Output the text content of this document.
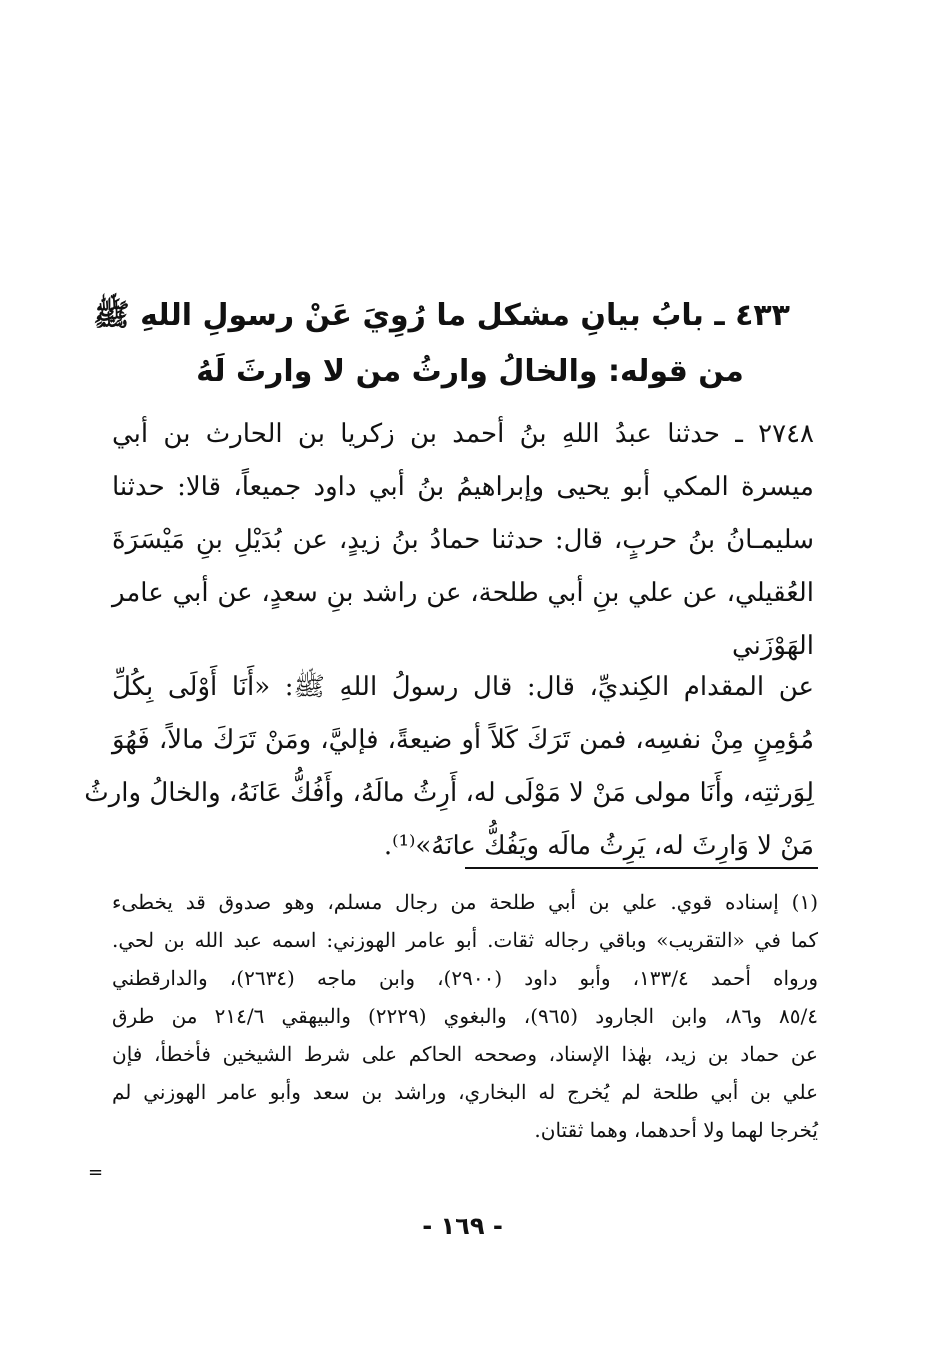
٤٣٣ ـ بابُ بيانِ مشكل ما رُوِيَ عَنْ رسولِ اللهِ ﷺ
من قوله: والخالُ وارثُ من لا وارثَ لَهُ
٢٧٤٨ ـ حدثنا عبدُ اللهِ بنُ أحمد بن زكريا بن الحارث بن أبي
ميسرة المكي أبو يحيى وإبراهيمُ بنُ أبي داود جميعاً، قالا: حدثنا
سليمـانُ بنُ حربٍ، قال: حدثنا حمادُ بنُ زيدٍ، عن بُدَيْلِ بنِ مَيْسَرَةَ
العُقيلي، عن علي بنِ أبي طلحة، عن راشد بنِ سعدٍ، عن أبي عامر
الهَوْزَني
عن المقدام الكِنديِّ، قال: قال رسولُ اللهِ ﷺ: «أَنَا أَوْلَى بِكُلِّ
مُؤمِنٍ مِنْ نفسِه، فمن تَرَكَ كَلاً أو ضيعةً، فإليَّ، ومَنْ تَرَكَ مالاً، فَهُوَ
لِوَرثتِه، وأَنَا مولى مَنْ لا مَوْلَى له، أَرِثُ مالَهُ، وأَفُكُّ عَانَهُ، والخالُ وارثُ
مَنْ لا وَارِثَ له، يَرِثُ مالَه ويَفُكُّ عانَهُ»⁽¹⁾.
(١) إسناده قوي. علي بن أبي طلحة من رجال مسلم، وهو صدوق قد يخطىء
كما في «التقريب» وباقي رجاله ثقات. أبو عامر الهوزني: اسمه عبد الله بن لحي.
ورواه أحمد ١٣٣/٤، وأبو داود (٢٩٠٠)، وابن ماجه (٢٦٣٤)، والدارقطني
٨٥/٤ و٨٦، وابن الجارود (٩٦٥)، والبغوي (٢٢٢٩) والبيهقي ٢١٤/٦ من طرق
عن حماد بن زيد، بهٰذا الإسناد، وصححه الحاكم على شرط الشيخين فأخطأ، فإن
علي بن أبي طلحة لم يُخرج له البخاري، وراشد بن سعد وأبو عامر الهوزني لم
يُخرجا لهما ولا أحدهما، وهما ثقتان.
=
- ١٦٩ -
